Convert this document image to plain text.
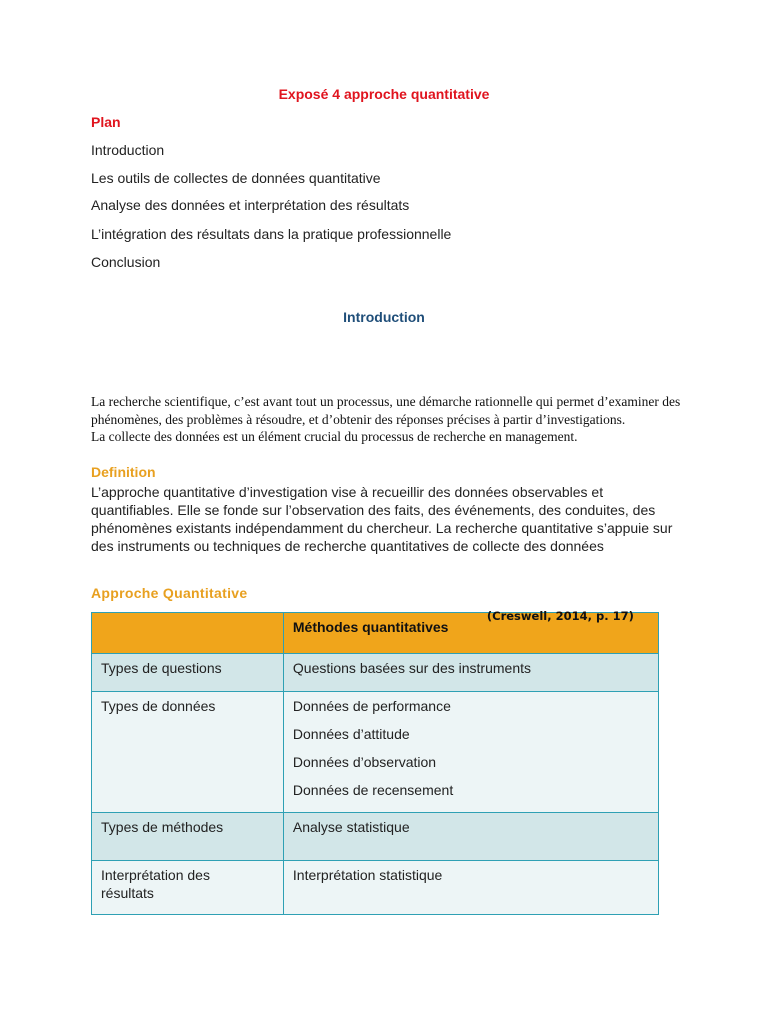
Exposé 4 approche quantitative
Plan
Introduction
Les outils de collectes de données quantitative
Analyse des données et interprétation des résultats
L’intégration des résultats dans la pratique professionnelle
Conclusion
Introduction

La recherche scientifique, c’est avant tout un processus, une démarche rationnelle qui permet d’examiner des phénomènes, des problèmes à résoudre, et d’obtenir des réponses précises à partir d’investigations.

La collecte des données est un élément crucial du processus de recherche en management.

Definition
L’approche quantitative d’investigation vise à recueillir des données observables et quantifiables. Elle se fonde sur l’observation des faits, des événements, des conduites, des phénomènes existants indépendamment du chercheur. La recherche quantitative s’appuie sur des instruments ou techniques de recherche quantitatives de collecte des données
Approche Quantitative

	Méthodes quantitatives
(Creswell, 2014, p. 17)

Types de questions	Questions basées sur des instruments

Types de données	Données de performance
Données d’attitude
Données d’observation
Données de recensement

Types de méthodes	Analyse statistique

Interprétation des résultats	Interprétation statistique
